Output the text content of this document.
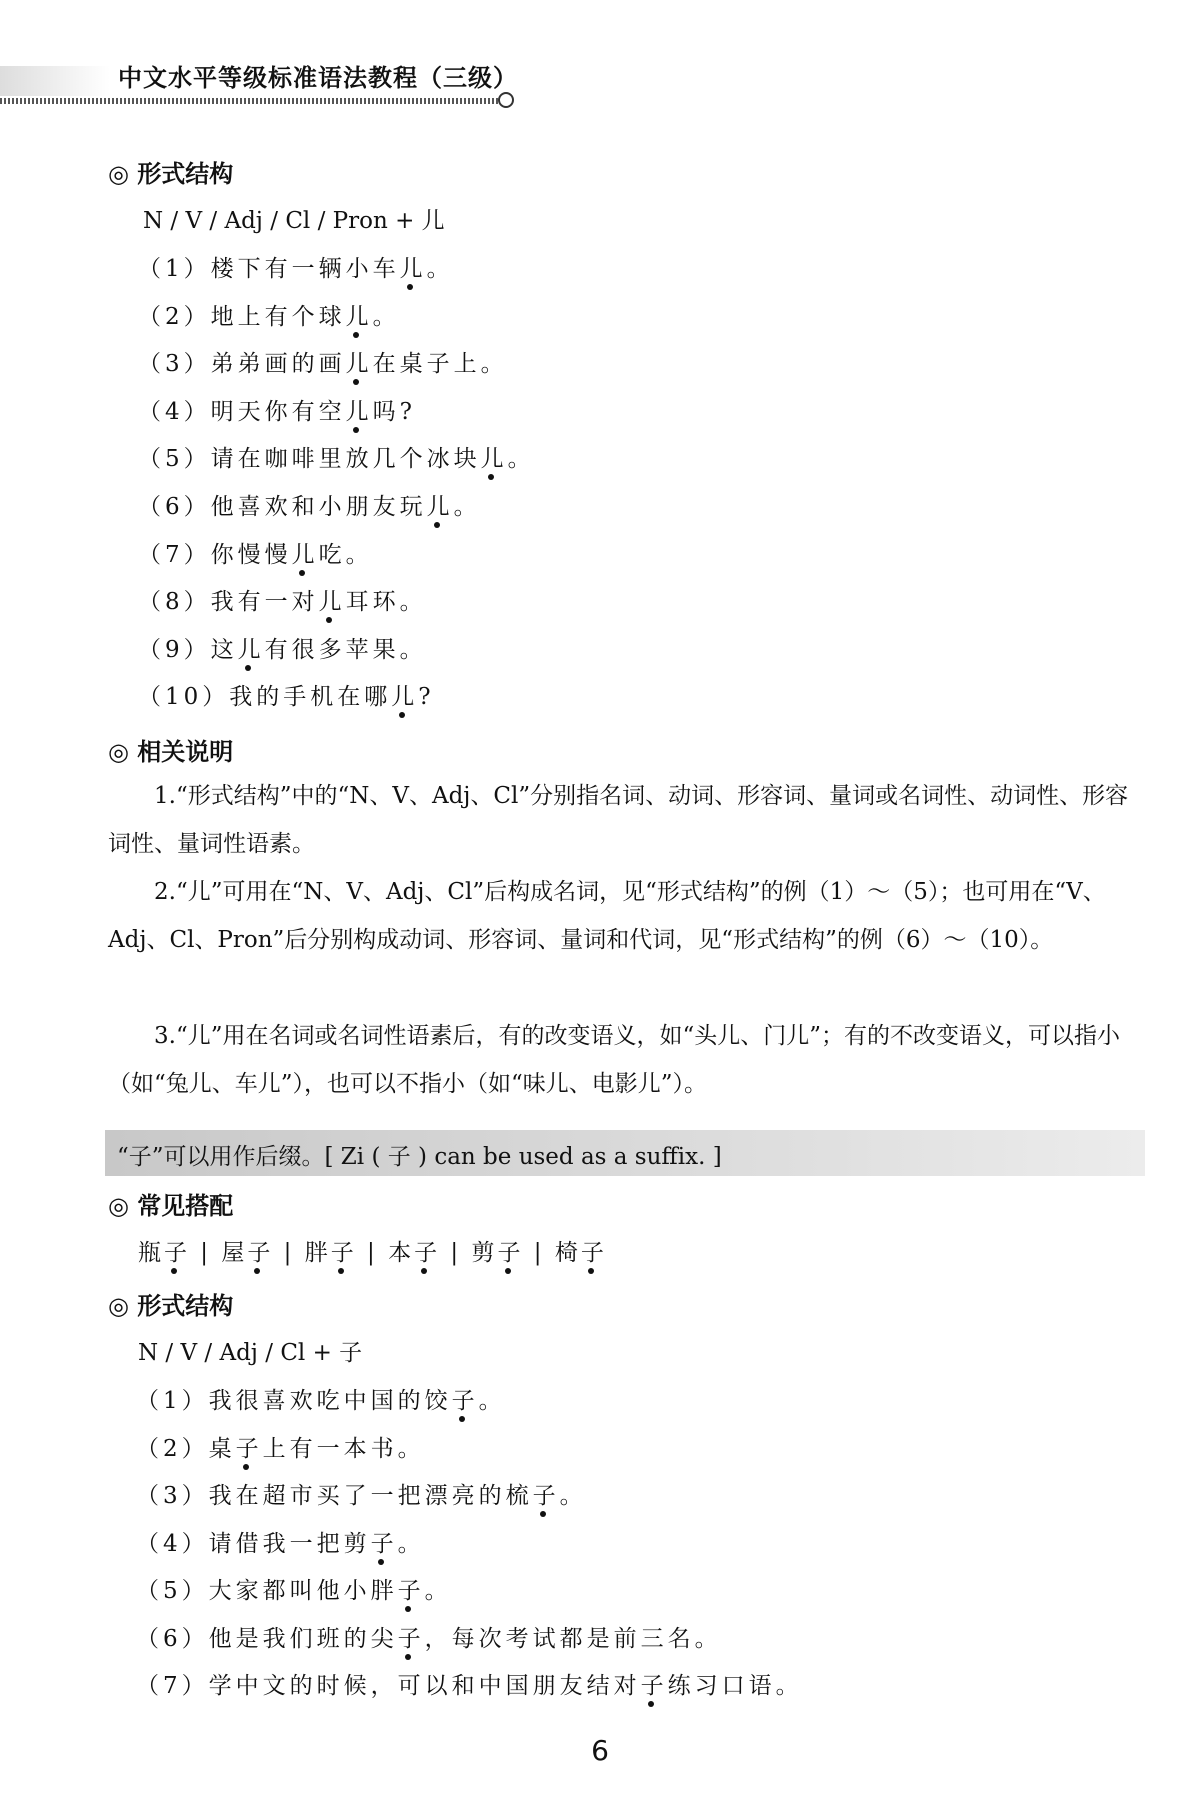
中文水平等级标准语法教程（三级）
◎ 形式结构
N / V / Adj / Cl / Pron + 儿
（1）楼下有一辆小车儿。
（2）地上有个球儿。
（3）弟弟画的画儿在桌子上。
（4）明天你有空儿吗?
（5）请在咖啡里放几个冰块儿。
（6）他喜欢和小朋友玩儿。
（7）你慢慢儿吃。
（8）我有一对儿耳环。
（9）这儿有很多苹果。
（10）我的手机在哪儿?
◎ 相关说明
1.“形式结构”中的“N、V、Adj、Cl”分别指名词、动词、形容词、量词或名词性、动词性、形容词性、量词性语素。
2.“儿”可用在“N、V、Adj、Cl”后构成名词，见“形式结构”的例（1）～（5）；也可用在“V、Adj、Cl、Pron”后分别构成动词、形容词、量词和代词，见“形式结构”的例（6）～（10）。
3.“儿”用在名词或名词性语素后，有的改变语义，如“头儿、门儿”；有的不改变语义，可以指小（如“兔儿、车儿”），也可以不指小（如“味儿、电影儿”）。
“子”可以用作后缀。[ Zi ( 子 ) can be used as a suffix. ]
◎ 常见搭配
瓶子 | 屋子 | 胖子 | 本子 | 剪子 | 椅子
◎ 形式结构
N / V / Adj / Cl + 子
（1）我很喜欢吃中国的饺子。
（2）桌子上有一本书。
（3）我在超市买了一把漂亮的梳子。
（4）请借我一把剪子。
（5）大家都叫他小胖子。
（6）他是我们班的尖子，每次考试都是前三名。
（7）学中文的时候，可以和中国朋友结对子练习口语。
6
